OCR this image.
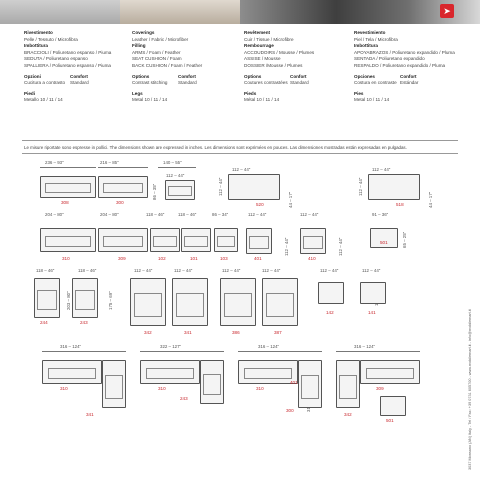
➤
Rivestimento
Pelle / Tessuto / Microfibra
Imbottitura
BRACCIOLI / Poliuretano espanso / Piuma
SEDUTA / Poliuretano espanso
SPALLIERA / Poliuretano espanso / Piuma
Opzioni	Comfort
Cucitura a contrasto	Standard
Piedi
Metallo 10 / 11 / 14
Coverings
Leather / Fabric / Microfiber
Filling
ARMS / Foam / Feather
SEAT CUSHION / Foam
BACK CUSHION / Foam / Feather
Options	Comfort
Contrast stitching	Standard
Legs
Metal 10 / 11 / 14
Revêtement
Cuir / Tissue / Microfibre
Rembourrage
ACCOUDOIRS / Mousse / Plumes
ASSISE / Mousse
DOSSIER /Mousse / Plumes
Options	Confort
Coutures contrastées Standard
Pieds
Métal 10 / 11 / 14
Revestimiento
Piel / Tela / Microfibra
Imbottitura
APOYABRAZOS / Poliuretano expandido / Pluma
SENTADA / Poliuretano expandido
RESPALDO / Poliuretano expandido / Pluma
Opciones	Confort
Costura en contraste Estándar
Pies
Metal 10 / 11 / 14
Le misure riportate sono espresse in pollici. The dimensions shown are expressed in inches. Les dimensions sont exprimées en pouces. Las dimensiones mostradas están expresadas en pulgadas.
236 – 93"	216 – 85"	140 – 55"
112 – 44"	112 – 44"
112 – 44"
86 – 35"	112 – 44"
44 – 17"
112 – 44"
44 – 17"
308	300	520	518
204 – 80"	204 – 80"	118 – 46"	118 – 46"	86 – 34"	112 – 44"	112 – 44"	91 – 36"
112 – 44"	112 – 44"	65 – 25"
310	309	102	101	103	401	410
501
118 – 46"	118 – 46"	112 – 44"	112 – 44"	112 – 44"	112 – 44"	112 – 44"	112 – 44"
203 – 80"	175 – 69"
244	243
342	341	386	387
142	141
316 – 124"	322 – 127"	316 – 124"	316 – 124"
310
341
310
243
310
401
300
309
342
501	3037 Monsano (AN) Italy - Tel / Fax: +39 0731 605700 - www.mobilemart.it - info@mobilemart.it
